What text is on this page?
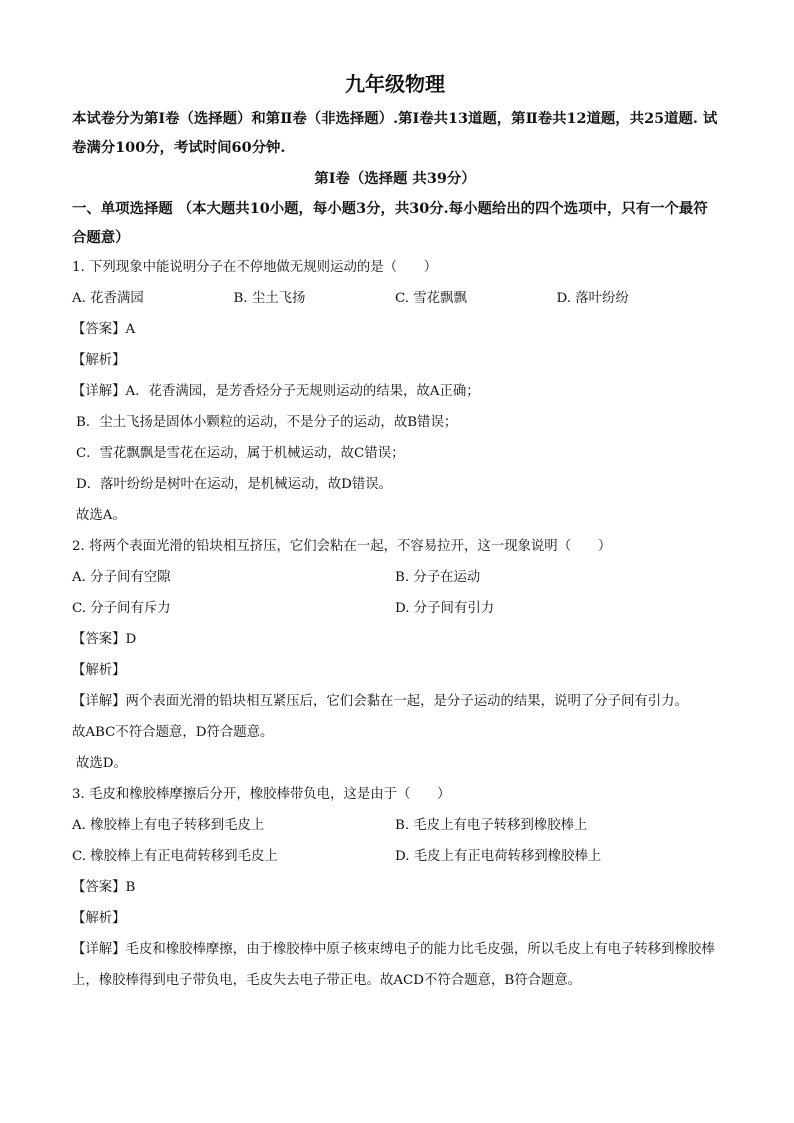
九年级物理
本试卷分为第Ⅰ卷（选择题）和第Ⅱ卷（非选择题）.第Ⅰ卷共13道题，第Ⅱ卷共12道题，共25道题. 试卷满分100分，考试时间60分钟.
第Ⅰ卷（选择题 共39分）
一、单项选择题 （本大题共10小题，每小题3分，共30分.每小题给出的四个选项中，只有一个最符合题意）
1. 下列现象中能说明分子在不停地做无规则运动的是（　　）
A. 花香满园	B. 尘土飞扬	C. 雪花飘飘	D. 落叶纷纷
【答案】A
【解析】
【详解】A．花香满园，是芳香烃分子无规则运动的结果，故A正确；
B．尘土飞扬是固体小颗粒的运动，不是分子的运动，故B错误；
C．雪花飘飘是雪花在运动，属于机械运动，故C错误；
D．落叶纷纷是树叶在运动，是机械运动，故D错误。
故选A。
2. 将两个表面光滑的铅块相互挤压，它们会粘在一起，不容易拉开，这一现象说明（　　）
A. 分子间有空隙	B. 分子在运动
C. 分子间有斥力	D. 分子间有引力
【答案】D
【解析】
【详解】两个表面光滑的铅块相互紧压后，它们会黏在一起，是分子运动的结果，说明了分子间有引力。
故ABC不符合题意，D符合题意。
故选D。
3. 毛皮和橡胶棒摩擦后分开，橡胶棒带负电，这是由于（　　）
A. 橡胶棒上有电子转移到毛皮上	B. 毛皮上有电子转移到橡胶棒上
C. 橡胶棒上有正电荷转移到毛皮上	D. 毛皮上有正电荷转移到橡胶棒上
【答案】B
【解析】
【详解】毛皮和橡胶棒摩擦，由于橡胶棒中原子核束缚电子的能力比毛皮强，所以毛皮上有电子转移到橡胶棒上，橡胶棒得到电子带负电，毛皮失去电子带正电。故ACD不符合题意，B符合题意。
